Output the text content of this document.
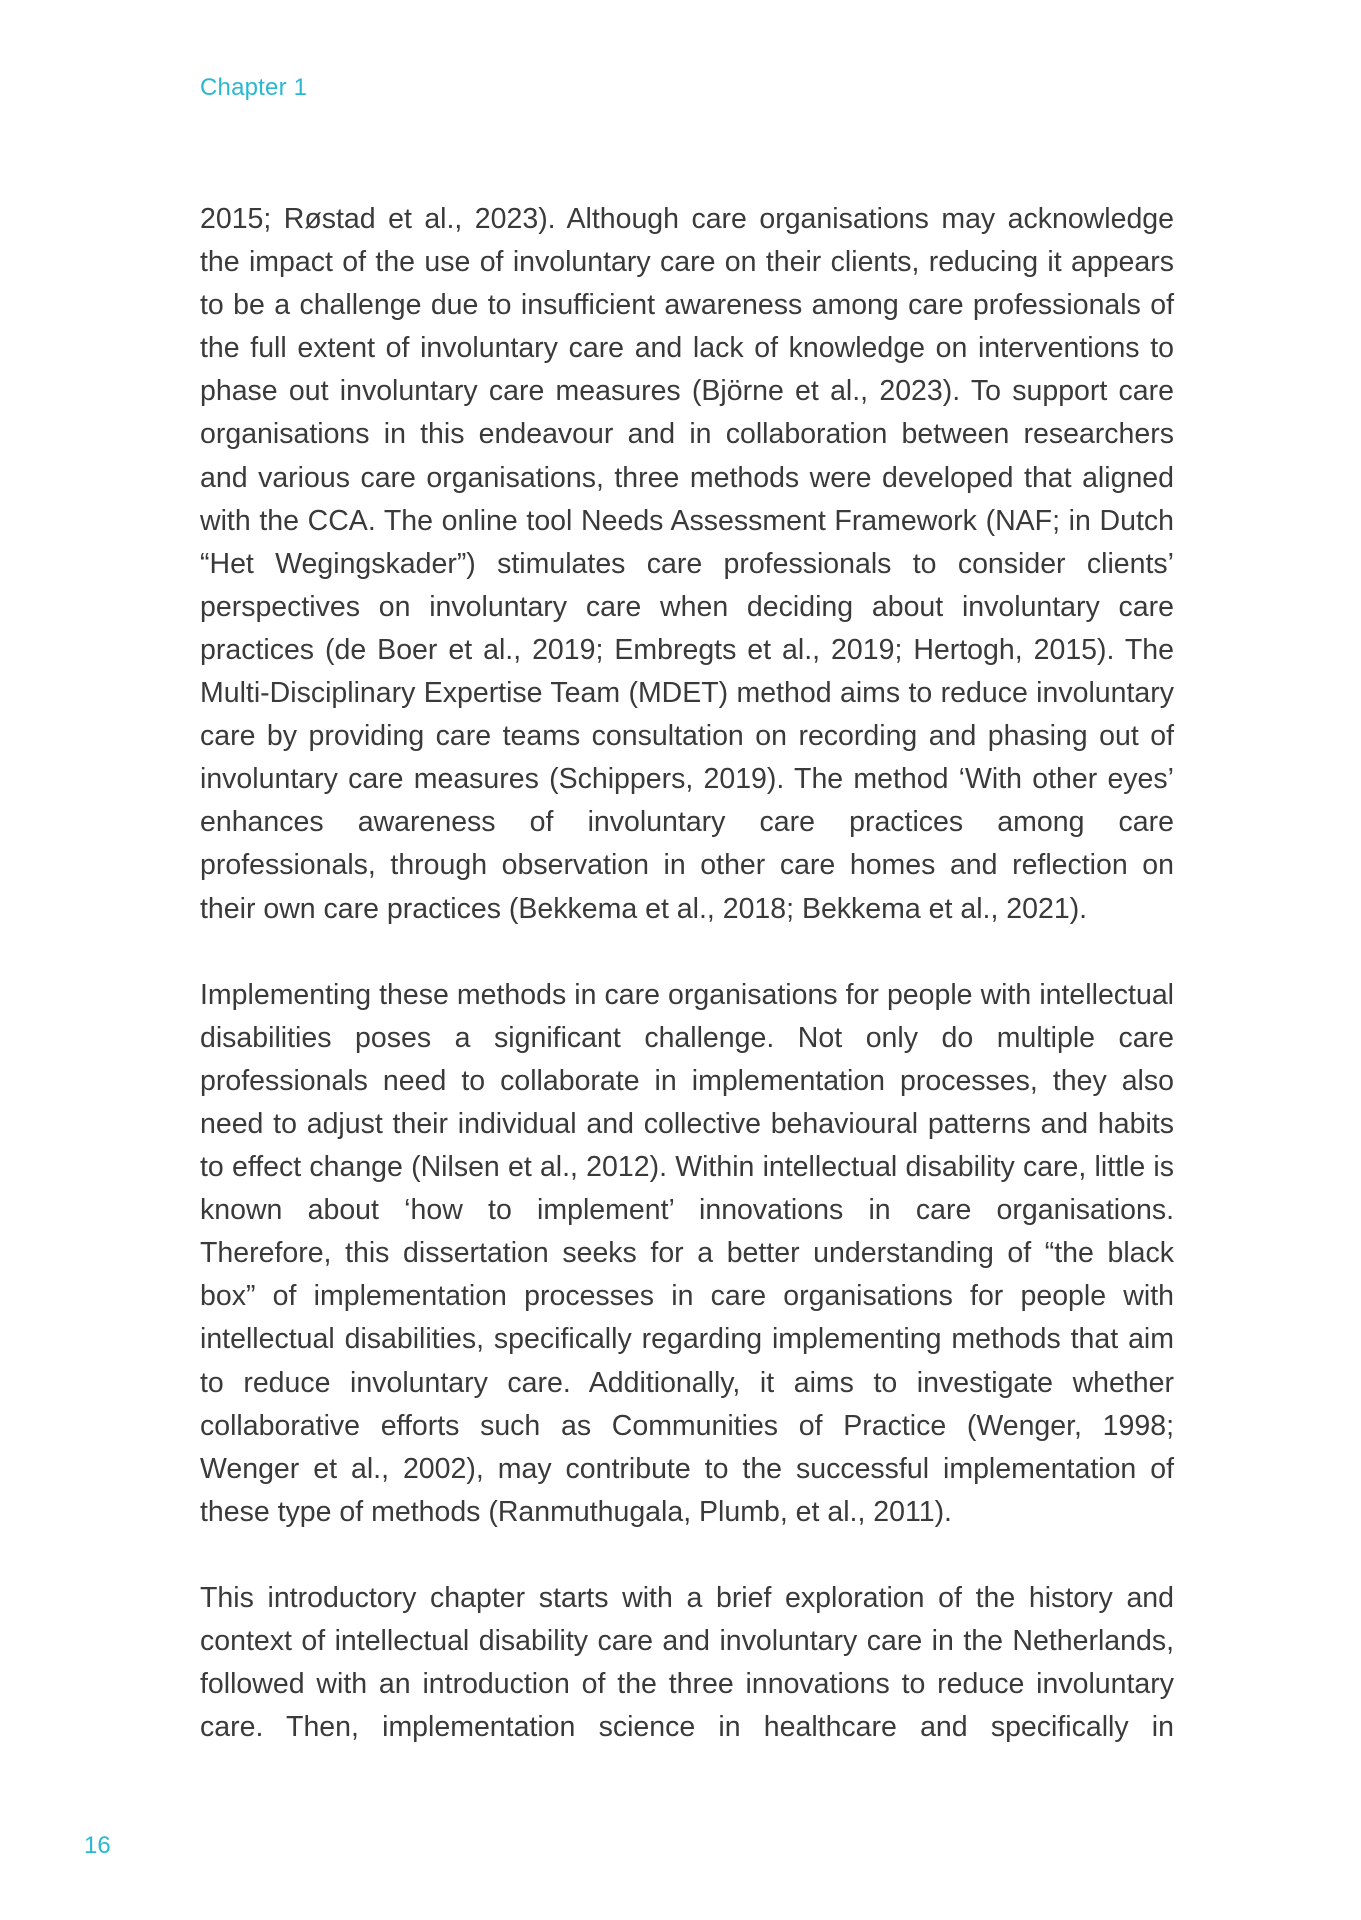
Chapter 1

2015; Røstad et al., 2023). Although care organisations may acknowledge the impact of the use of involuntary care on their clients, reducing it appears to be a challenge due to insufficient awareness among care professionals of the full extent of involuntary care and lack of knowledge on interventions to phase out involuntary care measures (Björne et al., 2023). To support care organisations in this endeavour and in collaboration between researchers and various care organisations, three methods were developed that aligned with the CCA. The online tool Needs Assessment Framework (NAF; in Dutch “Het Wegingskader”) stimulates care professionals to consider clients’ perspectives on involuntary care when deciding about involuntary care practices (de Boer et al., 2019; Embregts et al., 2019; Hertogh, 2015). The Multi-Disciplinary Expertise Team (MDET) method aims to reduce involuntary care by providing care teams consultation on recording and phasing out of involuntary care measures (Schippers, 2019). The method ‘With other eyes’ enhances awareness of involuntary care practices among care professionals, through observation in other care homes and reflection on their own care practices (Bekkema et al., 2018; Bekkema et al., 2021).

Implementing these methods in care organisations for people with intellectual disabilities poses a significant challenge. Not only do multiple care professionals need to collaborate in implementation processes, they also need to adjust their individual and collective behavioural patterns and habits to effect change (Nilsen et al., 2012). Within intellectual disability care, little is known about ‘how to implement’ innovations in care organisations. Therefore, this dissertation seeks for a better understanding of “the black box” of implementation processes in care organisations for people with intellectual disabilities, specifically regarding implementing methods that aim to reduce involuntary care. Additionally, it aims to investigate whether collaborative efforts such as Communities of Practice (Wenger, 1998; Wenger et al., 2002), may contribute to the successful implementation of these type of methods (Ranmuthugala, Plumb, et al., 2011).

This introductory chapter starts with a brief exploration of the history and context of intellectual disability care and involuntary care in the Netherlands, followed with an introduction of the three innovations to reduce involuntary care. Then, implementation science in healthcare and specifically in

16
